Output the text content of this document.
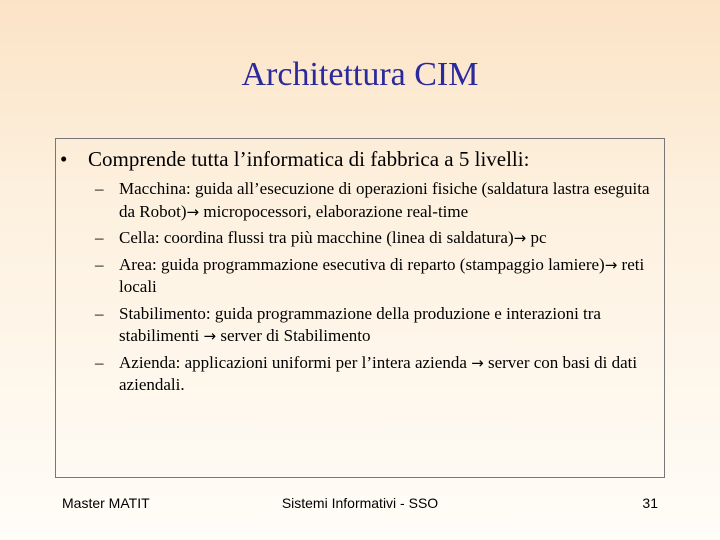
Architettura CIM
• Comprende tutta l’informatica di fabbrica a 5 livelli:
– Macchina: guida all’esecuzione di operazioni fisiche (saldatura lastra eseguita da Robot)→ micropocessori, elaborazione real-time
– Cella: coordina flussi tra più macchine (linea di saldatura)→ pc
– Area: guida programmazione esecutiva di reparto (stampaggio lamiere)→ reti locali
– Stabilimento: guida programmazione della produzione e interazioni tra stabilimenti → server di Stabilimento
– Azienda: applicazioni uniformi per l’intera azienda → server con basi di dati aziendali.
Master MATIT	Sistemi Informativi - SSO	31
